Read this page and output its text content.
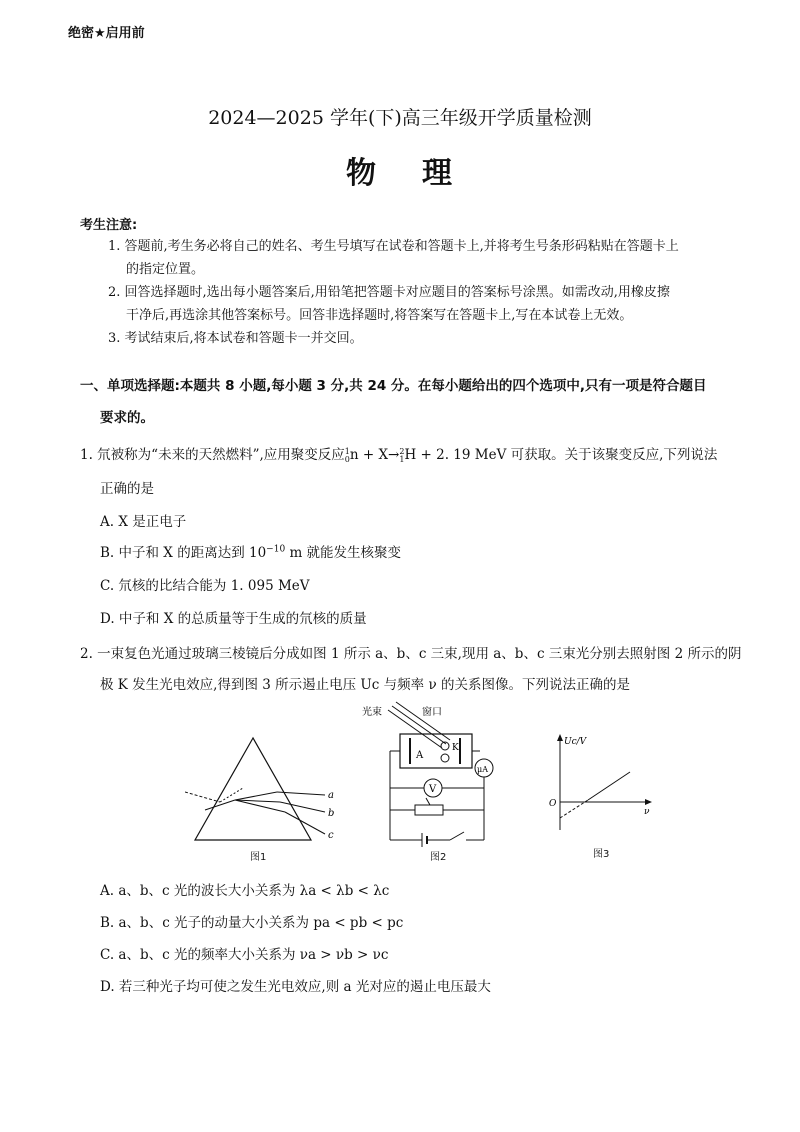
绝密★启用前
2024—2025 学年(下)高三年级开学质量检测
物 理
考生注意:
1. 答题前,考生务必将自己的姓名、考生号填写在试卷和答题卡上,并将考生号条形码粘贴在答题卡上
的指定位置。
2. 回答选择题时,选出每小题答案后,用铅笔把答题卡对应题目的答案标号涂黑。如需改动,用橡皮擦
干净后,再选涂其他答案标号。回答非选择题时,将答案写在答题卡上,写在本试卷上无效。
3. 考试结束后,将本试卷和答题卡一并交回。
一、单项选择题:本题共 8 小题,每小题 3 分,共 24 分。在每小题给出的四个选项中,只有一项是符合题目
要求的。
1. 氘被称为“未来的天然燃料”,应用聚变反应1
0n + X→2
1H + 2. 19 MeV 可获取。关于该聚变反应,下列说法
正确的是
A. X 是正电子
B. 中子和 X 的距离达到 $10^{-10}$ m 就能发生核聚变
C. 氘核的比结合能为 1. 095 MeV
D. 中子和 X 的总质量等于生成的氘核的质量
2. 一束复色光通过玻璃三棱镜后分成如图 1 所示 a、b、c 三束,现用 a、b、c 三束光分别去照射图 2 所示的阴
极 K 发生光电效应,得到图 3 所示遏止电压 Uc 与频率 ν 的关系图像。下列说法正确的是
a
b
c
图1
光束	窗口
A
K
μA
V
图2
Uc/V
O
ν
图3
A. a、b、c 光的波长大小关系为 λa < λb < λc
B. a、b、c 光子的动量大小关系为 pa < pb < pc
C. a、b、c 光的频率大小关系为 νa > νb > νc
D. 若三种光子均可使之发生光电效应,则 a 光对应的遏止电压最大
